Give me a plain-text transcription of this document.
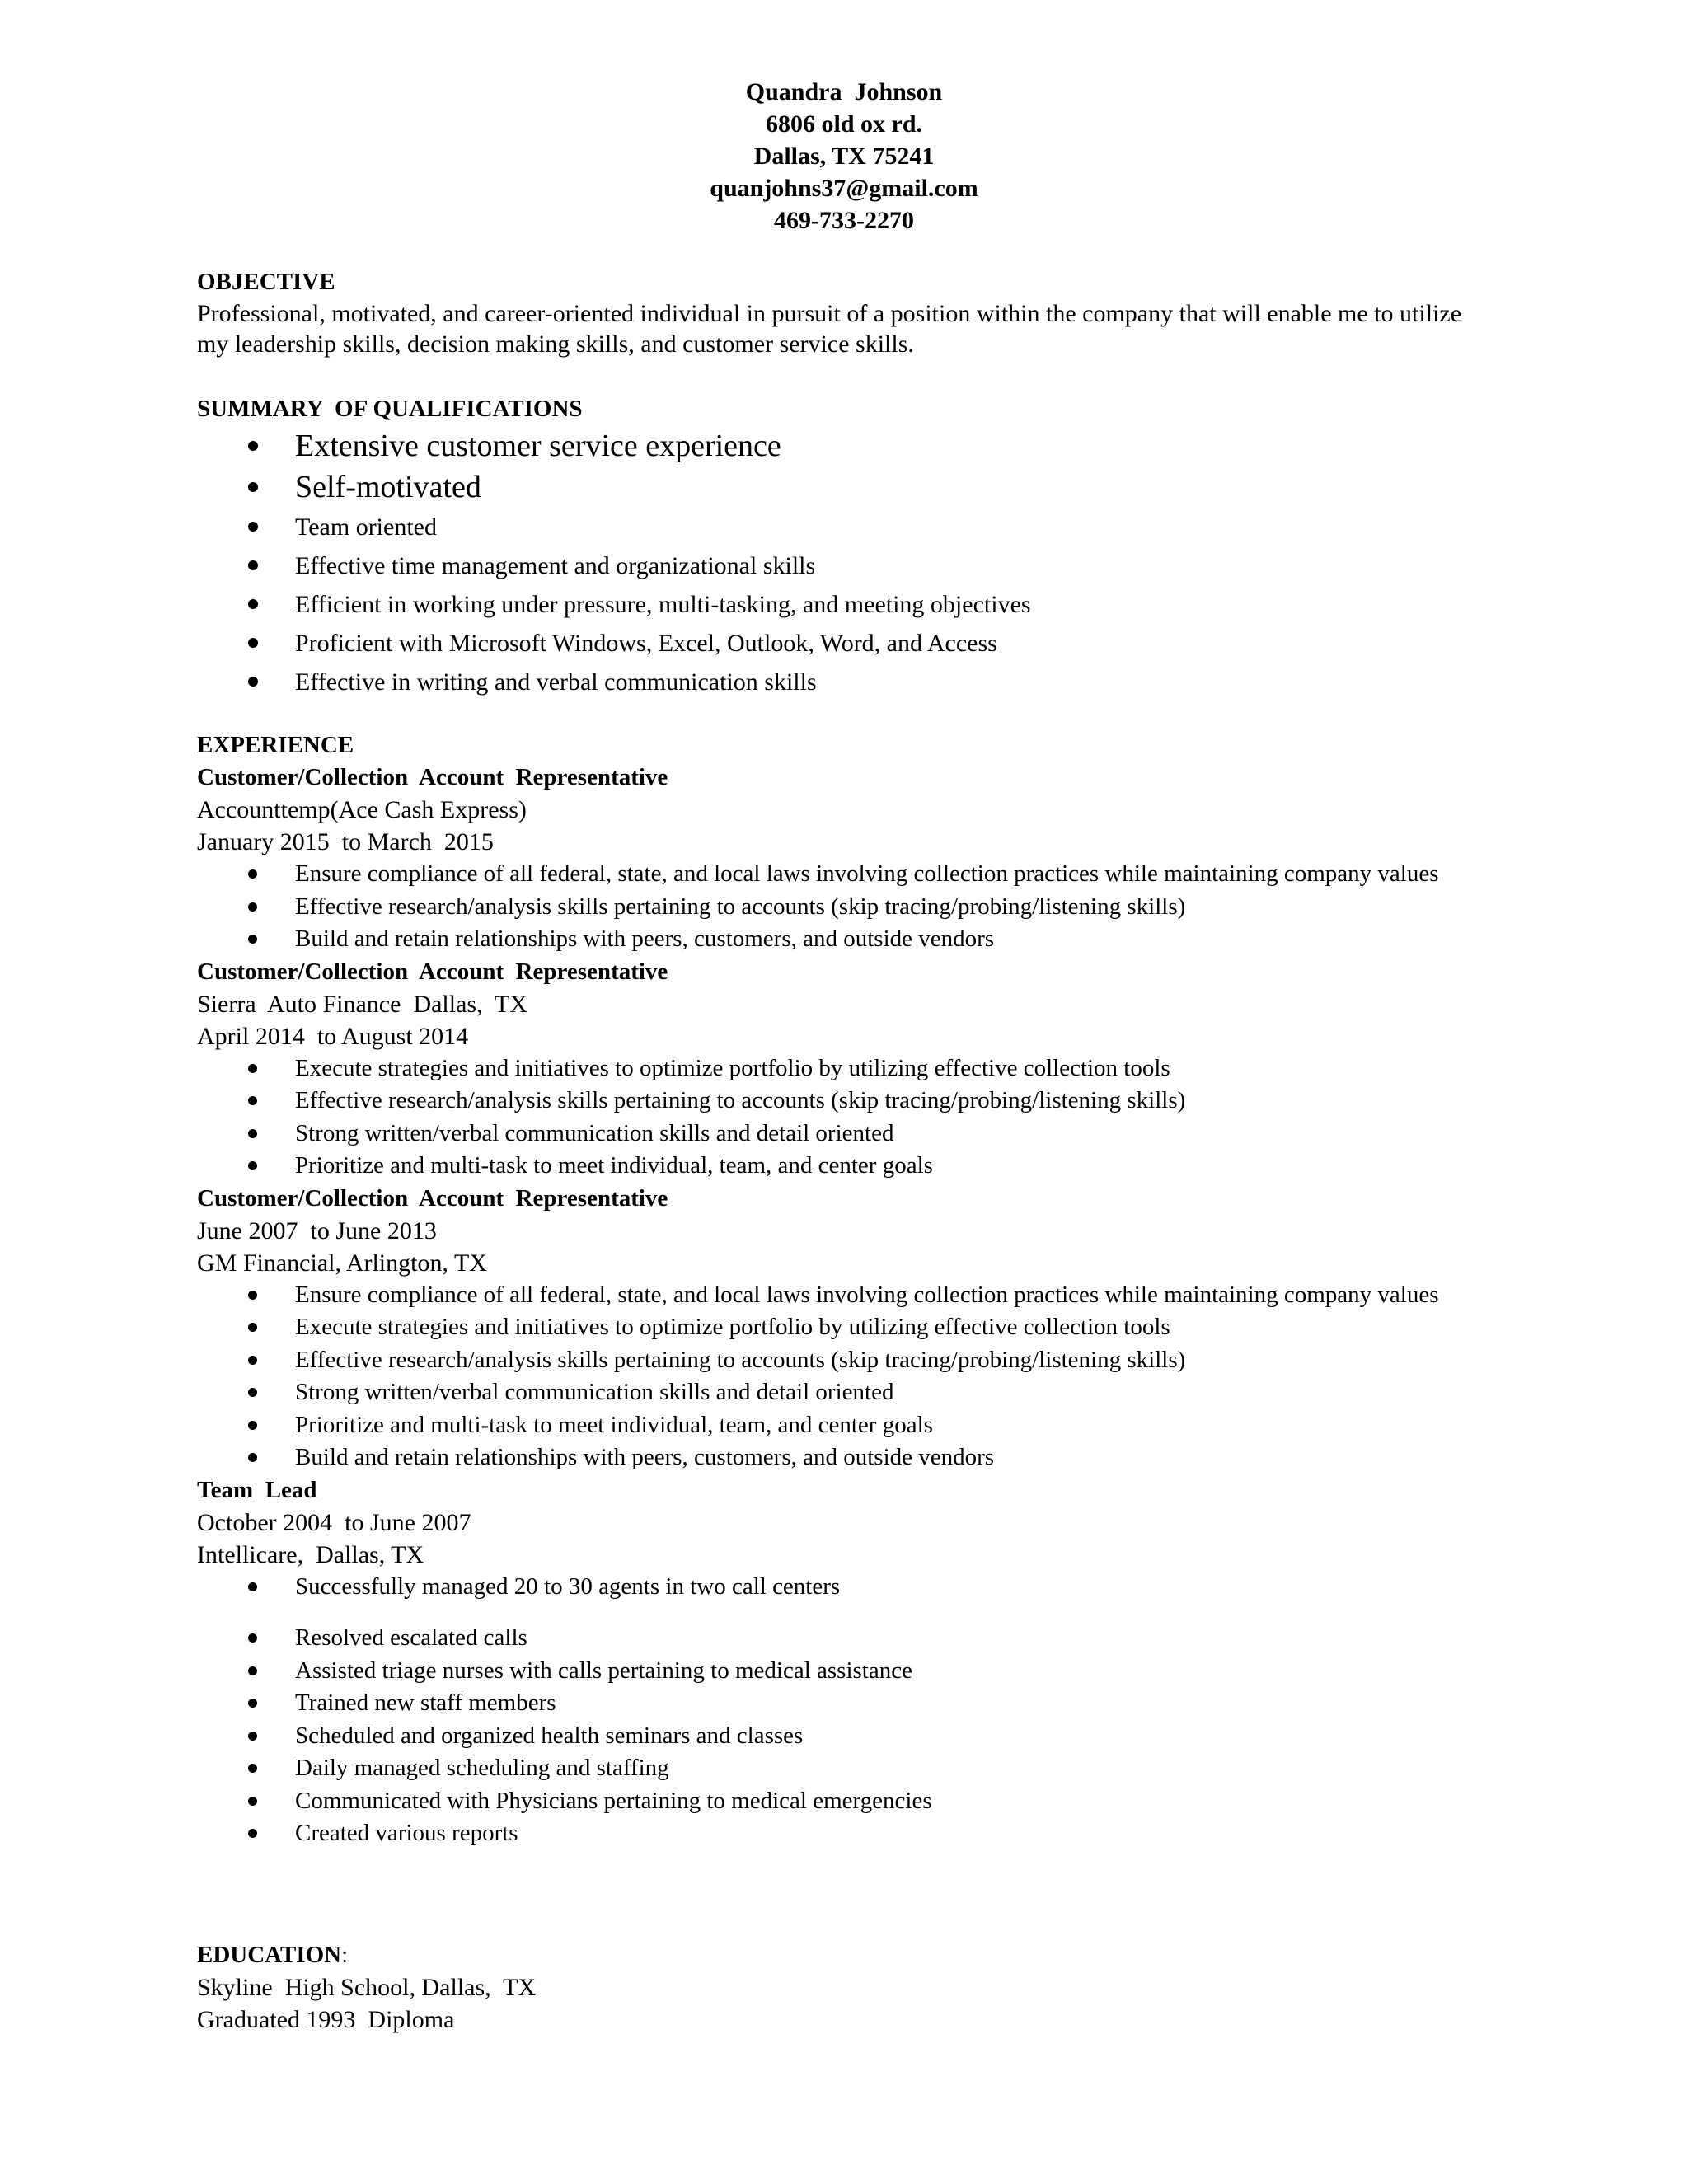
Quandra  Johnson
6806 old ox rd.
Dallas, TX 75241
quanjohns37@gmail.com
469-733-2270
OBJECTIVE
Professional, motivated, and career-oriented individual in pursuit of a position within the company that will enable me to utilize my leadership skills, decision making skills, and customer service skills.
SUMMARY  OF QUALIFICATIONS
Extensive customer service experience
Self-motivated
Team oriented
Effective time management and organizational skills
Efficient in working under pressure, multi-tasking, and meeting objectives
Proficient with Microsoft Windows, Excel, Outlook, Word, and Access
Effective in writing and verbal communication skills
EXPERIENCE
Customer/Collection  Account  Representative
Accounttemp(Ace Cash Express)
January 2015  to March  2015
Ensure compliance of all federal, state, and local laws involving collection practices while maintaining company values
Effective research/analysis skills pertaining to accounts (skip tracing/probing/listening skills)
Build and retain relationships with peers, customers, and outside vendors
Customer/Collection  Account  Representative
Sierra  Auto Finance  Dallas,  TX
April 2014  to August 2014
Execute strategies and initiatives to optimize portfolio by utilizing effective collection tools
Effective research/analysis skills pertaining to accounts (skip tracing/probing/listening skills)
Strong written/verbal communication skills and detail oriented
Prioritize and multi-task to meet individual, team, and center goals
Customer/Collection  Account  Representative
June 2007  to June 2013
GM Financial, Arlington, TX
Ensure compliance of all federal, state, and local laws involving collection practices while maintaining company values
Execute strategies and initiatives to optimize portfolio by utilizing effective collection tools
Effective research/analysis skills pertaining to accounts (skip tracing/probing/listening skills)
Strong written/verbal communication skills and detail oriented
Prioritize and multi-task to meet individual, team, and center goals
Build and retain relationships with peers, customers, and outside vendors
Team  Lead
October 2004  to June 2007
Intellicare,  Dallas, TX
Successfully managed 20 to 30 agents in two call centers
Resolved escalated calls
Assisted triage nurses with calls pertaining to medical assistance
Trained new staff members
Scheduled and organized health seminars and classes
Daily managed scheduling and staffing
Communicated with Physicians pertaining to medical emergencies
Created various reports
EDUCATION:
Skyline  High School, Dallas,  TX
Graduated 1993  Diploma
